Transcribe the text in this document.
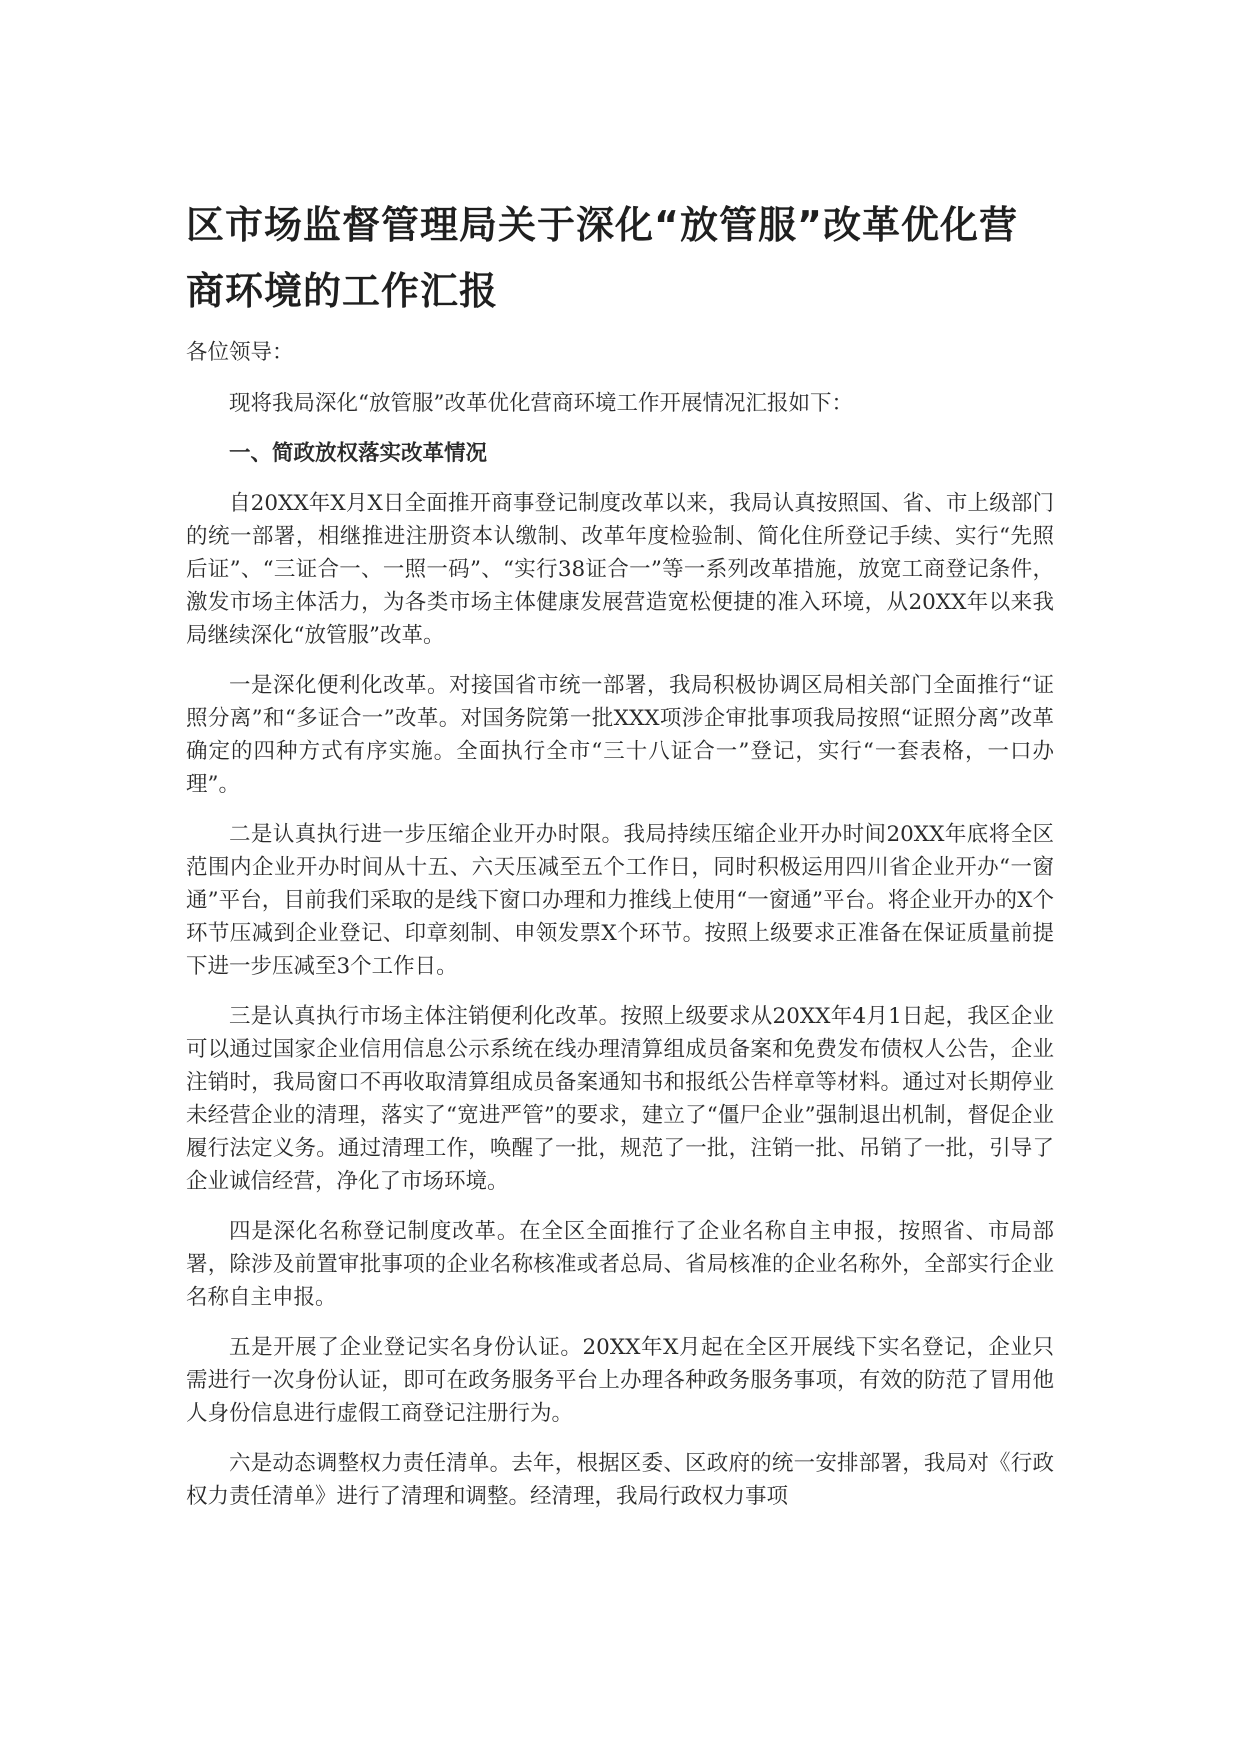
区市场监督管理局关于深化“放管服”改革优化营商环境的工作汇报

各位领导：

现将我局深化“放管服”改革优化营商环境工作开展情况汇报如下：

一、简政放权落实改革情况

自20XX年X月X日全面推开商事登记制度改革以来，我局认真按照国、省、市上级部门的统一部署，相继推进注册资本认缴制、改革年度检验制、简化住所登记手续、实行“先照后证”、“三证合一、一照一码”、“实行38证合一”等一系列改革措施，放宽工商登记条件，激发市场主体活力，为各类市场主体健康发展营造宽松便捷的准入环境，从20XX年以来我局继续深化“放管服”改革。

一是深化便利化改革。对接国省市统一部署，我局积极协调区局相关部门全面推行“证照分离”和“多证合一”改革。对国务院第一批XXX项涉企审批事项我局按照“证照分离”改革确定的四种方式有序实施。全面执行全市“三十八证合一”登记，实行“一套表格，一口办理”。

二是认真执行进一步压缩企业开办时限。我局持续压缩企业开办时间20XX年底将全区范围内企业开办时间从十五、六天压减至五个工作日，同时积极运用四川省企业开办“一窗通”平台，目前我们采取的是线下窗口办理和力推线上使用“一窗通”平台。将企业开办的X个环节压减到企业登记、印章刻制、申领发票X个环节。按照上级要求正准备在保证质量前提下进一步压减至3个工作日。

三是认真执行市场主体注销便利化改革。按照上级要求从20XX年4月1日起，我区企业可以通过国家企业信用信息公示系统在线办理清算组成员备案和免费发布债权人公告，企业注销时，我局窗口不再收取清算组成员备案通知书和报纸公告样章等材料。通过对长期停业未经营企业的清理，落实了“宽进严管”的要求，建立了“僵尸企业”强制退出机制，督促企业履行法定义务。通过清理工作，唤醒了一批，规范了一批，注销一批、吊销了一批，引导了企业诚信经营，净化了市场环境。

四是深化名称登记制度改革。在全区全面推行了企业名称自主申报，按照省、市局部署，除涉及前置审批事项的企业名称核准或者总局、省局核准的企业名称外，全部实行企业名称自主申报。

五是开展了企业登记实名身份认证。20XX年X月起在全区开展线下实名登记，企业只需进行一次身份认证，即可在政务服务平台上办理各种政务服务事项，有效的防范了冒用他人身份信息进行虚假工商登记注册行为。

六是动态调整权力责任清单。去年，根据区委、区政府的统一安排部署，我局对《行政权力责任清单》进行了清理和调整。经清理，我局行政权力事项
